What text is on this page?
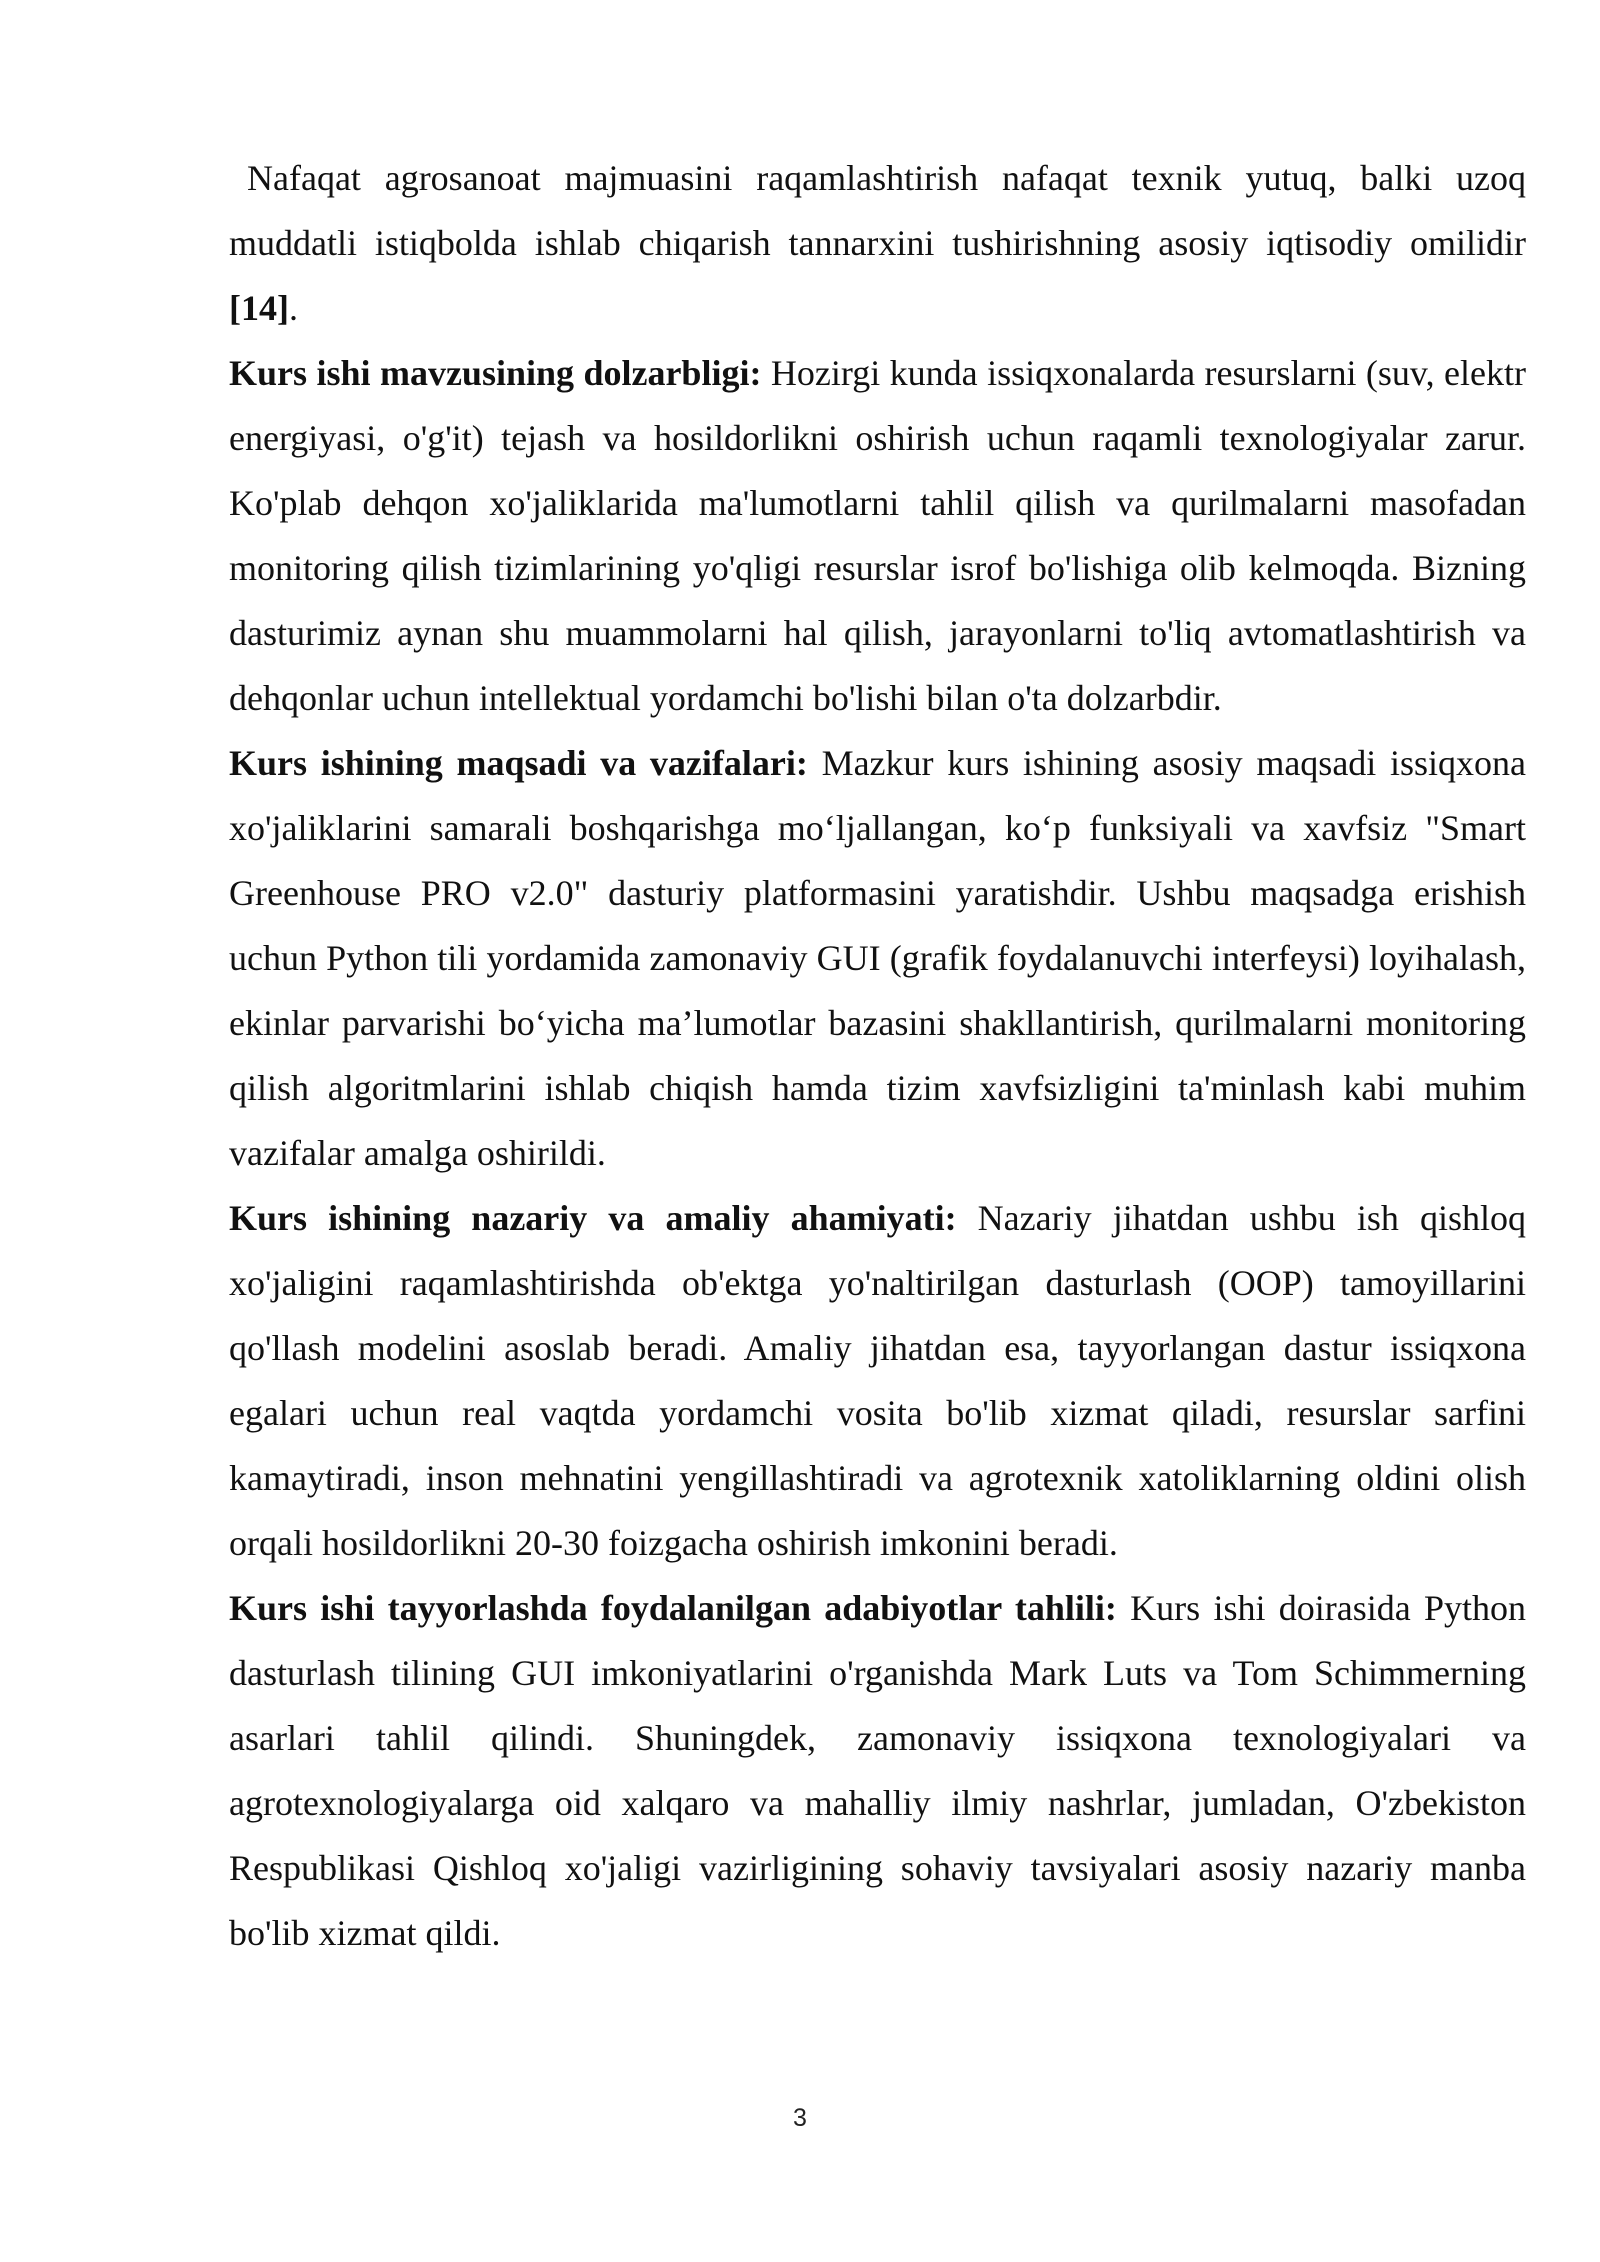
Nafaqat agrosanoat majmuasini raqamlashtirish nafaqat texnik yutuq, balki uzoq muddatli istiqbolda ishlab chiqarish tannarxini tushirishning asosiy iqtisodiy omilidir [14].

Kurs ishi mavzusining dolzarbligi: Hozirgi kunda issiqxonalarda resurslarni (suv, elektr energiyasi, o'g'it) tejash va hosildorlikni oshirish uchun raqamli texnologiyalar zarur. Ko'plab dehqon xo'jaliklarida ma'lumotlarni tahlil qilish va qurilmalarni masofadan monitoring qilish tizimlarining yo'qligi resurslar isrof bo'lishiga olib kelmoqda. Bizning dasturimiz aynan shu muammolarni hal qilish, jarayonlarni to'liq avtomatlashtirish va dehqonlar uchun intellektual yordamchi bo'lishi bilan o'ta dolzarbdir.

Kurs ishining maqsadi va vazifalari: Mazkur kurs ishining asosiy maqsadi issiqxona xo'jaliklarini samarali boshqarishga mo‘ljallangan, ko‘p funksiyali va xavfsiz "Smart Greenhouse PRO v2.0" dasturiy platformasini yaratishdir. Ushbu maqsadga erishish uchun Python tili yordamida zamonaviy GUI (grafik foydalanuvchi interfeysi) loyihalash, ekinlar parvarishi bo‘yicha ma’lumotlar bazasini shakllantirish, qurilmalarni monitoring qilish algoritmlarini ishlab chiqish hamda tizim xavfsizligini ta'minlash kabi muhim vazifalar amalga oshirildi.

Kurs ishining nazariy va amaliy ahamiyati: Nazariy jihatdan ushbu ish qishloq xo'jaligini raqamlashtirishda ob'ektga yo'naltirilgan dasturlash (OOP) tamoyillarini qo'llash modelini asoslab beradi. Amaliy jihatdan esa, tayyorlangan dastur issiqxona egalari uchun real vaqtda yordamchi vosita bo'lib xizmat qiladi, resurslar sarfini kamaytiradi, inson mehnatini yengillashtiradi va agrotexnik xatoliklarning oldini olish orqali hosildorlikni 20-30 foizgacha oshirish imkonini beradi.

Kurs ishi tayyorlashda foydalanilgan adabiyotlar tahlili: Kurs ishi doirasida Python dasturlash tilining GUI imkoniyatlarini o'rganishda Mark Luts va Tom Schimmerning asarlari tahlil qilindi. Shuningdek, zamonaviy issiqxona texnologiyalari va agrotexnologiyalarga oid xalqaro va mahalliy ilmiy nashrlar, jumladan, O'zbekiston Respublikasi Qishloq xo'jaligi vazirligining sohaviy tavsiyalari asosiy nazariy manba bo'lib xizmat qildi.

3
